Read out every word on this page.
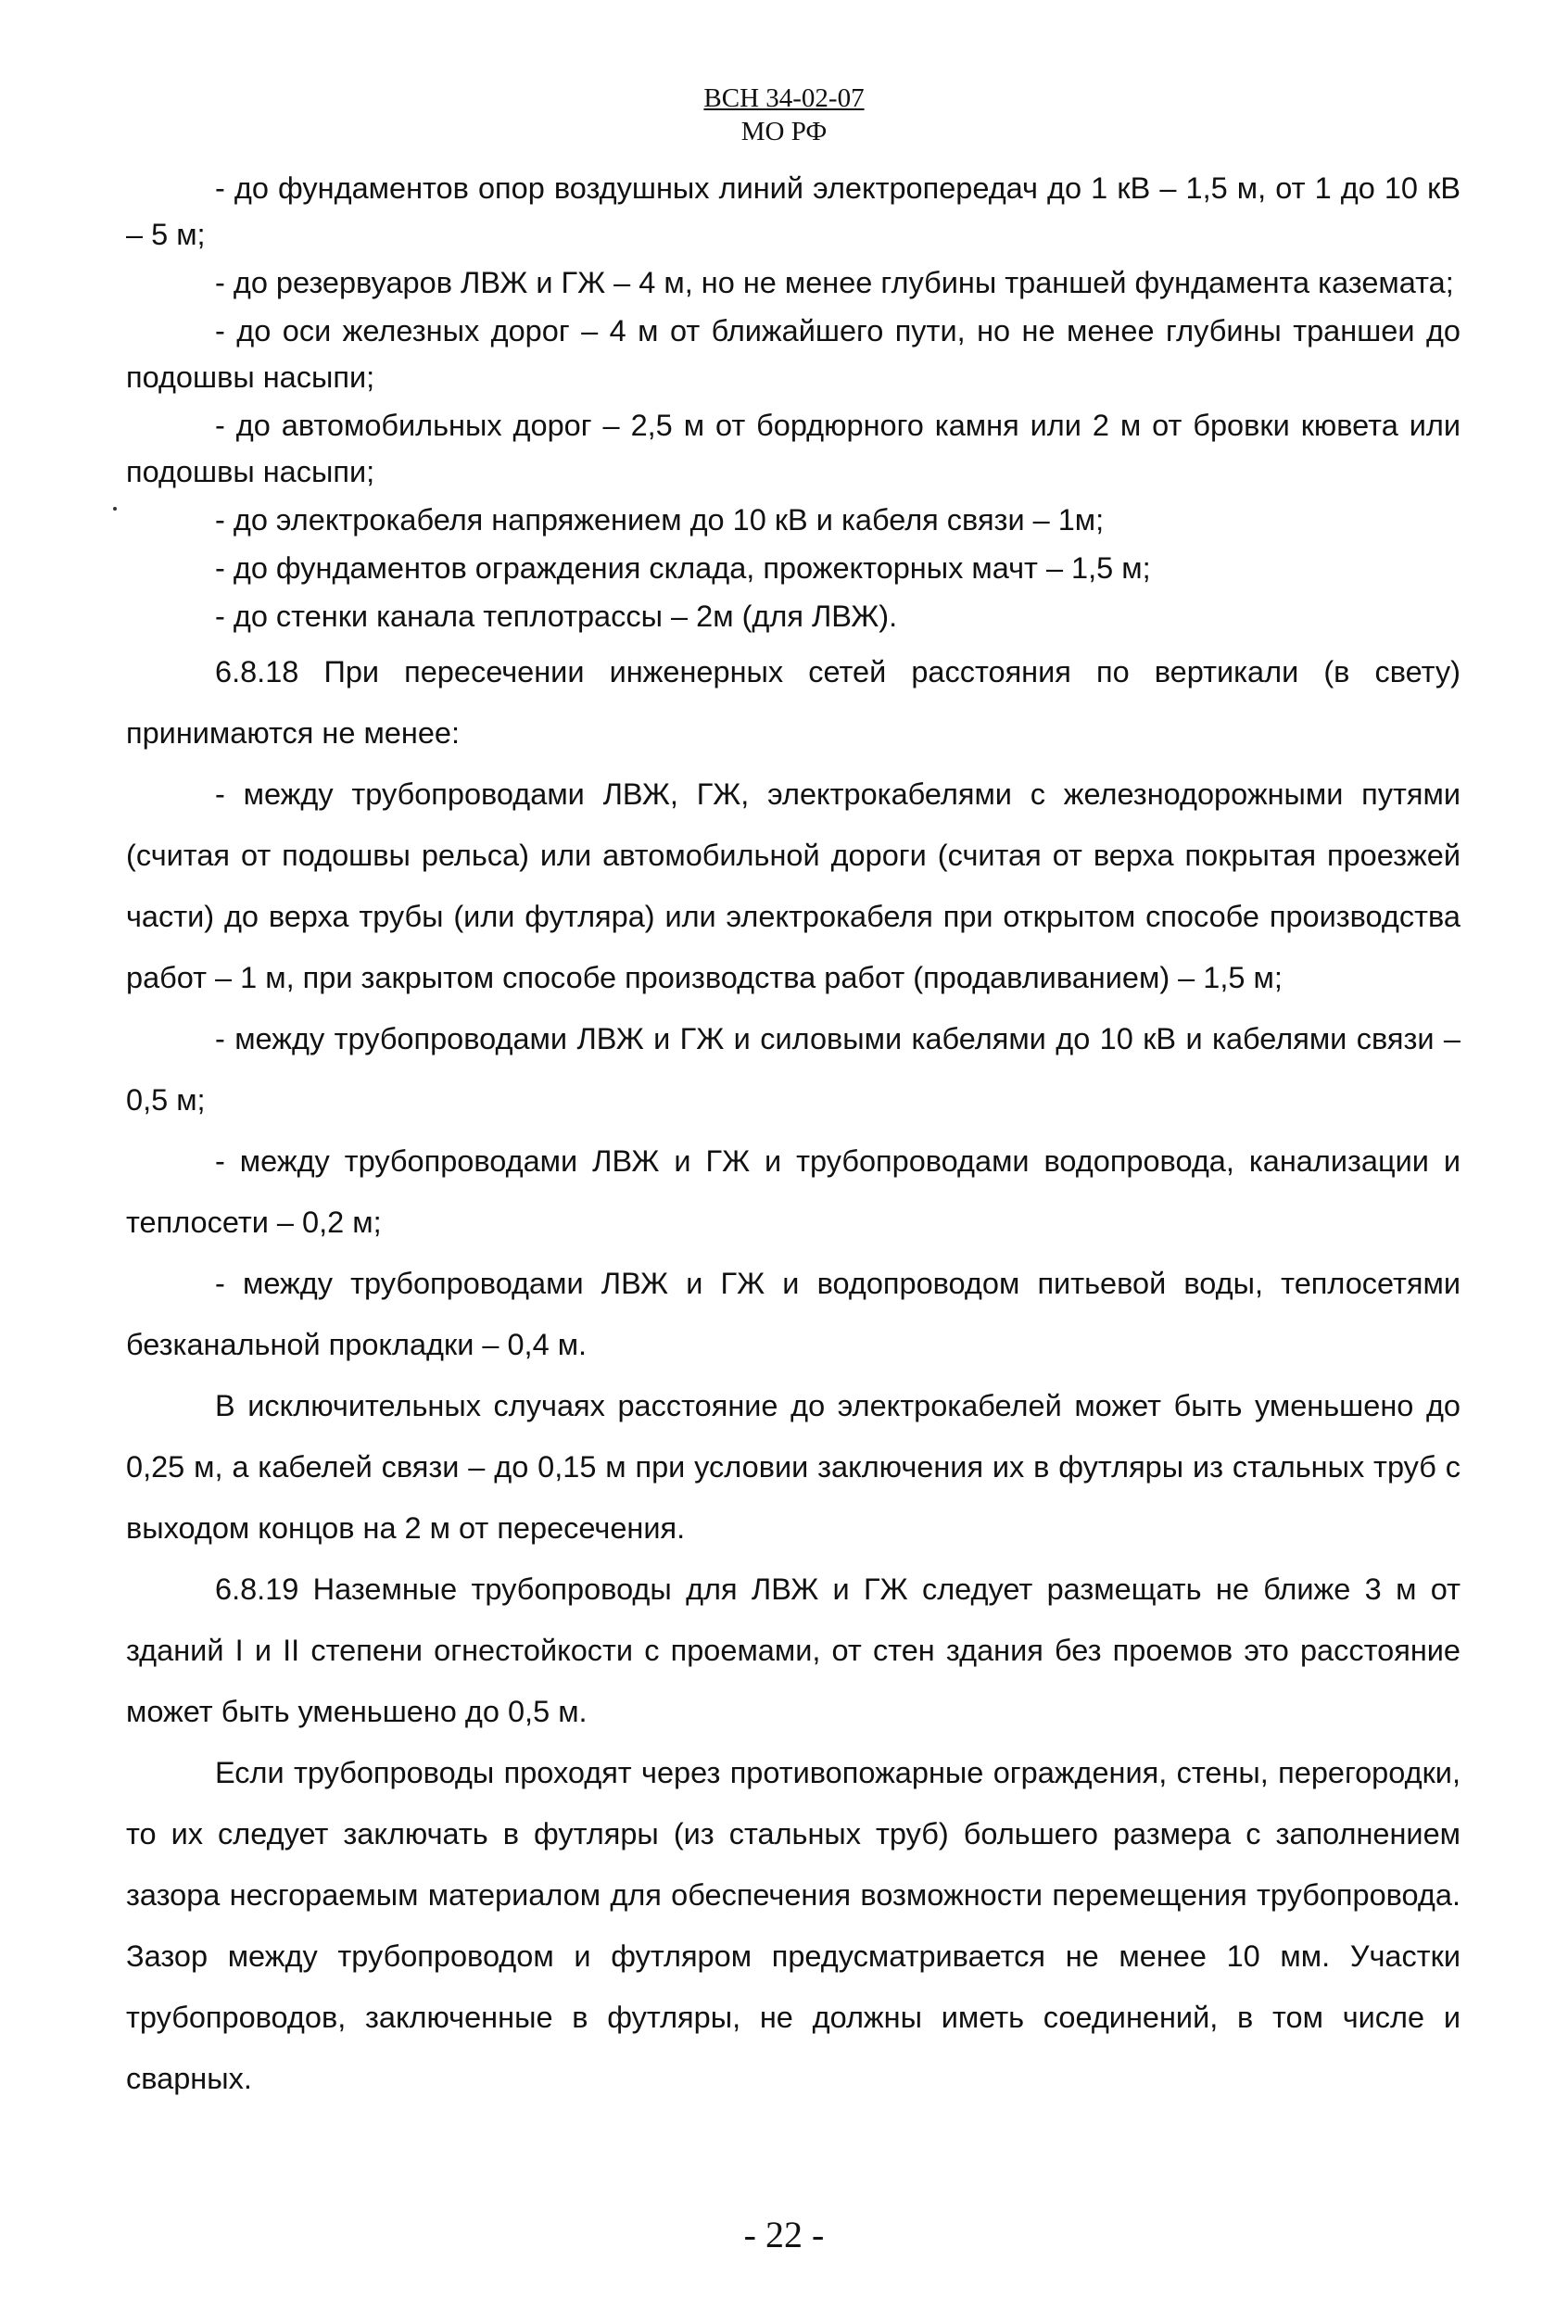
ВСН 34-02-07
МО РФ

- до фундаментов опор воздушных линий электропередач до 1 кВ – 1,5 м, от 1 до 10 кВ – 5 м;

- до резервуаров ЛВЖ и ГЖ – 4 м, но не менее глубины траншей фундамента каземата;

- до оси железных дорог – 4 м от ближайшего пути, но не менее глубины траншеи до подошвы насыпи;

- до автомобильных дорог – 2,5 м от бордюрного камня или 2 м от бровки кювета или подошвы насыпи;

- до электрокабеля напряжением до 10 кВ и кабеля связи – 1м;

- до фундаментов ограждения склада, прожекторных мачт – 1,5 м;

- до стенки канала теплотрассы – 2м (для ЛВЖ).

6.8.18 При пересечении инженерных сетей расстояния по вертикали (в свету) принимаются не менее:

- между трубопроводами ЛВЖ, ГЖ, электрокабелями с железнодорожными путями (считая от подошвы рельса) или автомобильной дороги (считая от верха покрытая проезжей части) до верха трубы (или футляра) или электрокабеля при открытом способе производства работ – 1 м, при закрытом способе производства работ (продавливанием) – 1,5 м;

- между трубопроводами ЛВЖ и ГЖ и силовыми кабелями до 10 кВ и кабелями связи – 0,5 м;

- между трубопроводами ЛВЖ и ГЖ и трубопроводами водопровода, канализации и теплосети – 0,2 м;

- между трубопроводами ЛВЖ и ГЖ и водопроводом питьевой воды, теплосетями безканальной прокладки – 0,4 м.

В исключительных случаях расстояние до электрокабелей может быть уменьшено до 0,25 м, а кабелей связи – до 0,15 м при условии заключения их в футляры из стальных труб с выходом концов на 2 м от пересечения.

6.8.19 Наземные трубопроводы для ЛВЖ и ГЖ следует размещать не ближе 3 м от зданий I и II степени огнестойкости с проемами, от стен здания без проемов это расстояние может быть уменьшено до 0,5 м.

Если трубопроводы проходят через противопожарные ограждения, стены, перегородки, то их следует заключать в футляры (из стальных труб) большего размера с заполнением зазора несгораемым материалом для обеспечения возможности перемещения трубопровода. Зазор между трубопроводом и футляром предусматривается не менее 10 мм. Участки трубопроводов, заключенные в футляры, не должны иметь соединений, в том числе и сварных.

- 22 -
